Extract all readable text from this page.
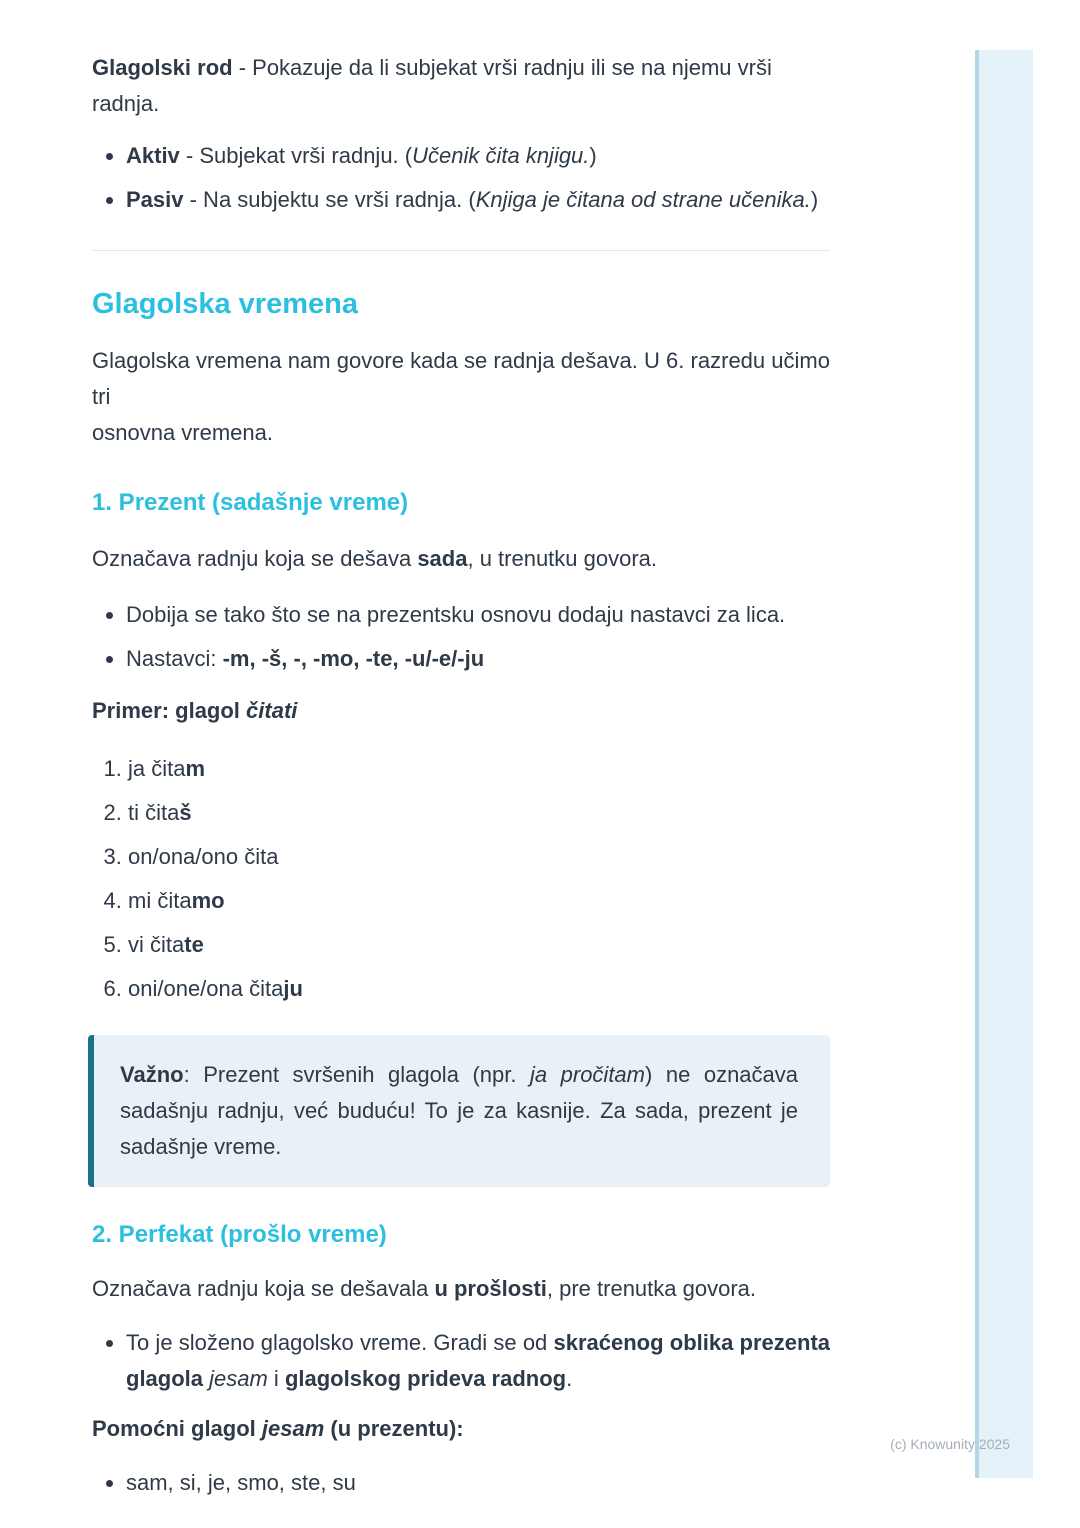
Glagolski rod - Pokazuje da li subjekat vrši radnju ili se na njemu vrši radnja.

• Aktiv - Subjekat vrši radnju. (Učenik čita knjigu.)
• Pasiv - Na subjektu se vrši radnja. (Knjiga je čitana od strane učenika.)
Glagolska vremena

Glagolska vremena nam govore kada se radnja dešava. U 6. razredu učimo tri
osnovna vremena.

1. Prezent (sadašnje vreme)

Označava radnju koja se dešava sada, u trenutku govora.

• Dobija se tako što se na prezentsku osnovu dodaju nastavci za lica.
• Nastavci: -m, -š, -, -mo, -te, -u/-e/-ju

Primer: glagol čitati

1. ja čitam
2. ti čitaš
3. on/ona/ono čita
4. mi čitamo
5. vi čitate
6. oni/one/ona čitaju

Važno: Prezent svršenih glagola (npr. ja pročitam) ne označava
sadašnju radnju, već buduću! To je za kasnije. Za sada, prezent je
sadašnje vreme.

2. Perfekat (prošlo vreme)

Označava radnju koja se dešavala u prošlosti, pre trenutka govora.

• To je složeno glagolsko vreme. Gradi se od skraćenog oblika prezenta
glagola jesam i glagolskog prideva radnog.

Pomoćni glagol jesam (u prezentu):

• sam, si, je, smo, ste, su
(c) Knowunity 2025
